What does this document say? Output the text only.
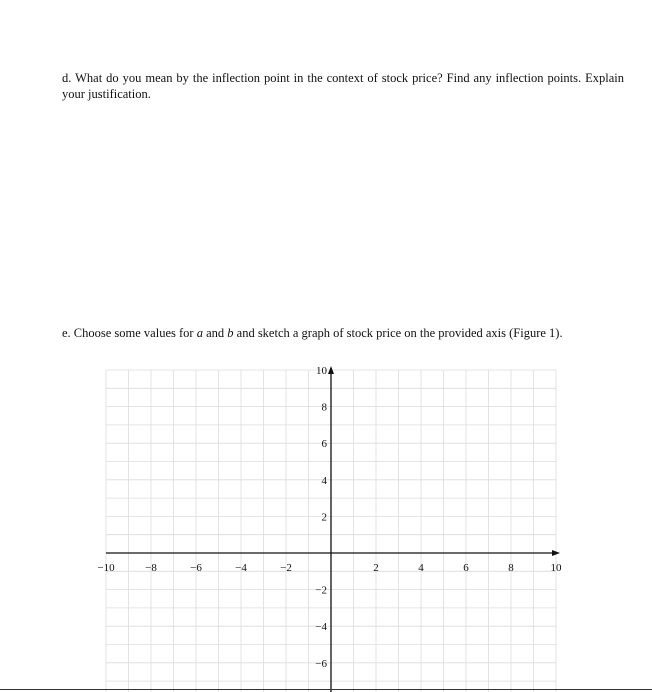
d. What do you mean by the inflection point in the context of stock price? Find any inflection points. Explain your justification.

e. Choose some values for a and b and sketch a graph of stock price on the provided axis (Figure 1).

−10	−8	−6	−4	−2	2	4	6	8	10
10
8
6
4
2
−2
−4
−6
